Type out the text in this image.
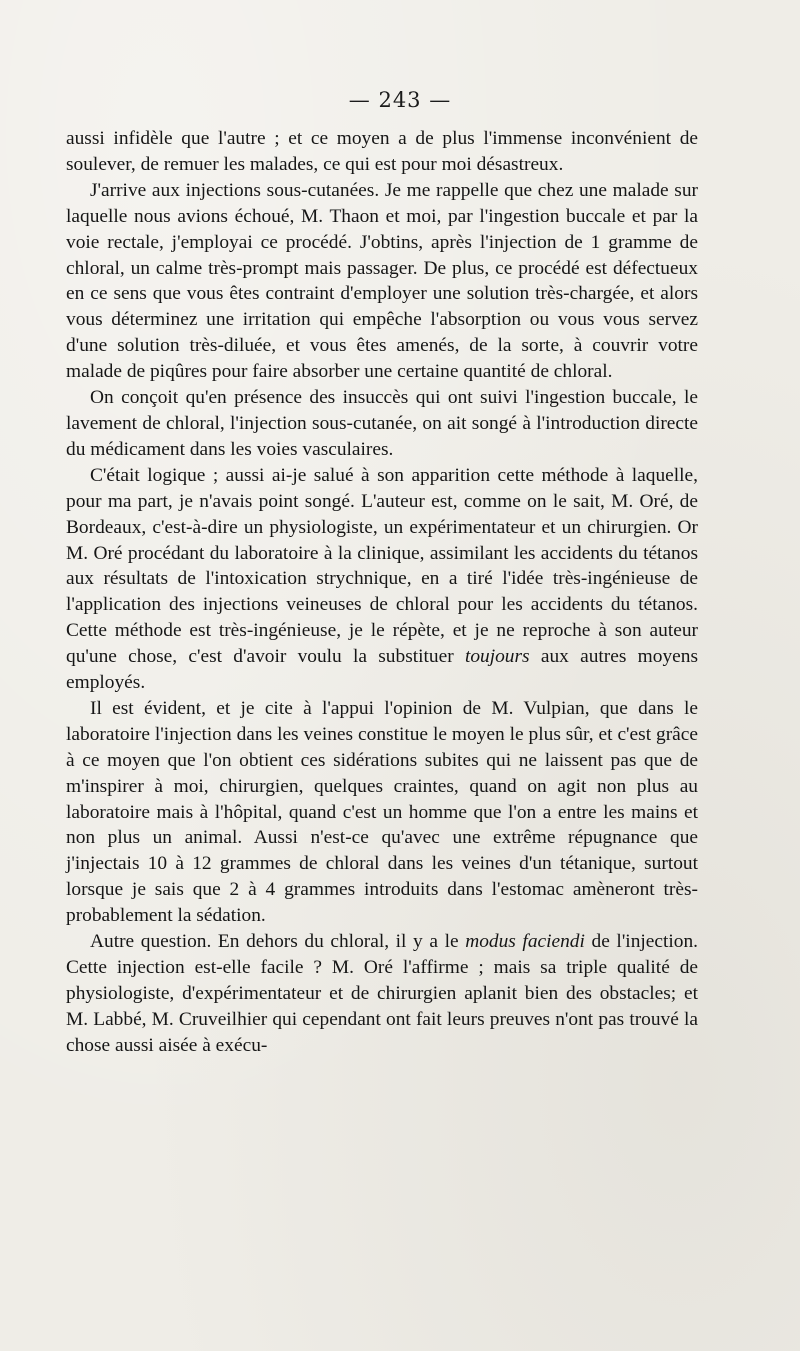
— 243 —

aussi infidèle que l'autre ; et ce moyen a de plus l'immense inconvénient de soulever, de remuer les malades, ce qui est pour moi désastreux.

J'arrive aux injections sous-cutanées. Je me rappelle que chez une malade sur laquelle nous avions échoué, M. Thaon et moi, par l'ingestion buccale et par la voie rectale, j'employai ce procédé. J'obtins, après l'injection de 1 gramme de chloral, un calme très-prompt mais passager. De plus, ce procédé est défectueux en ce sens que vous êtes contraint d'employer une solution très-chargée, et alors vous déterminez une irritation qui empêche l'absorption ou vous vous servez d'une solution très-diluée, et vous êtes amenés, de la sorte, à couvrir votre malade de piqûres pour faire absorber une certaine quantité de chloral.

On conçoit qu'en présence des insuccès qui ont suivi l'ingestion buccale, le lavement de chloral, l'injection sous-cutanée, on ait songé à l'introduction directe du médicament dans les voies vasculaires.

C'était logique ; aussi ai-je salué à son apparition cette méthode à laquelle, pour ma part, je n'avais point songé. L'auteur est, comme on le sait, M. Oré, de Bordeaux, c'est-à-dire un physiologiste, un expérimentateur et un chirurgien. Or M. Oré procédant du laboratoire à la clinique, assimilant les accidents du tétanos aux résultats de l'intoxication strychnique, en a tiré l'idée très-ingénieuse de l'application des injections veineuses de chloral pour les accidents du tétanos. Cette méthode est très-ingénieuse, je le répète, et je ne reproche à son auteur qu'une chose, c'est d'avoir voulu la substituer toujours aux autres moyens employés.

Il est évident, et je cite à l'appui l'opinion de M. Vulpian, que dans le laboratoire l'injection dans les veines constitue le moyen le plus sûr, et c'est grâce à ce moyen que l'on obtient ces sidérations subites qui ne laissent pas que de m'inspirer à moi, chirurgien, quelques craintes, quand on agit non plus au laboratoire mais à l'hôpital, quand c'est un homme que l'on a entre les mains et non plus un animal. Aussi n'est-ce qu'avec une extrême répugnance que j'injectais 10 à 12 grammes de chloral dans les veines d'un tétanique, surtout lorsque je sais que 2 à 4 grammes introduits dans l'estomac amèneront très-probablement la sédation.

Autre question. En dehors du chloral, il y a le modus faciendi de l'injection. Cette injection est-elle facile ? M. Oré l'affirme ; mais sa triple qualité de physiologiste, d'expérimentateur et de chirurgien aplanit bien des obstacles; et M. Labbé, M. Cruveilhier qui cependant ont fait leurs preuves n'ont pas trouvé la chose aussi aisée à exécu-
